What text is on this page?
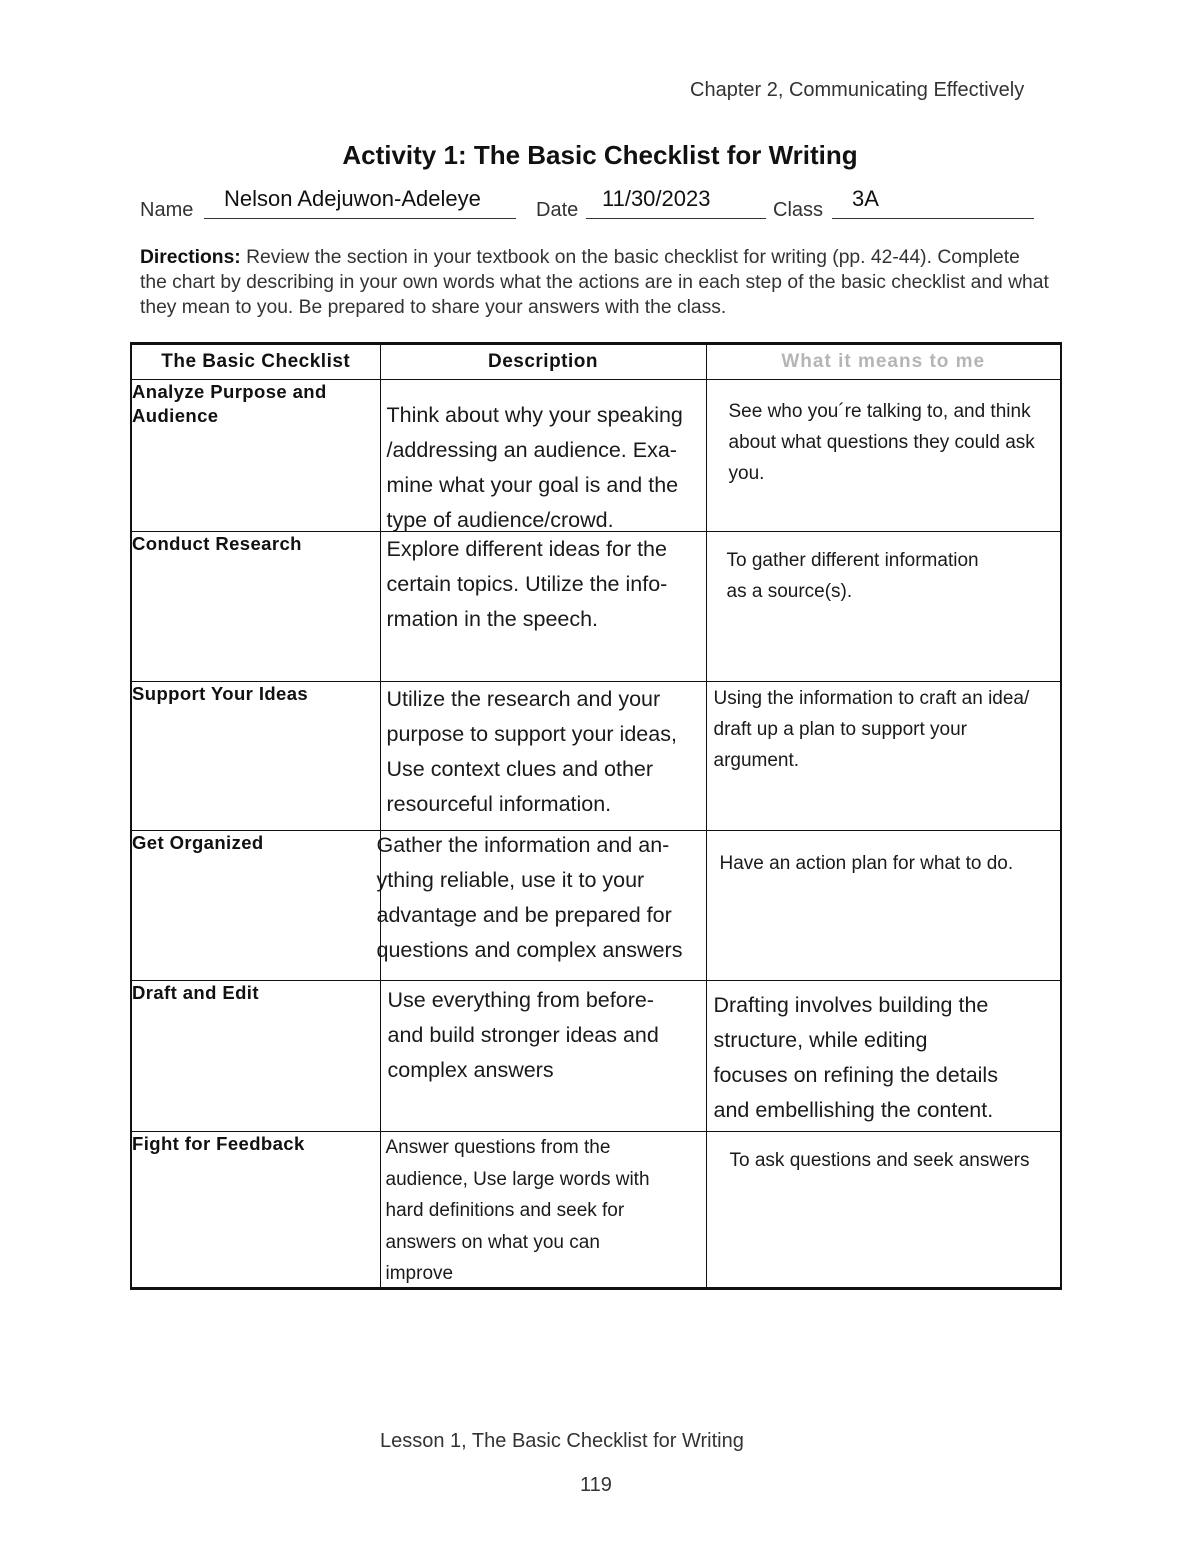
Chapter 2, Communicating Effectively
Activity 1: The Basic Checklist for Writing
Name Nelson Adejuwon-Adeleye	Date 11/30/2023	Class 3A
Directions: Review the section in your textbook on the basic checklist for writing (pp. 42-44). Complete the chart by describing in your own words what the actions are in each step of the basic checklist and what they mean to you. Be prepared to share your answers with the class.
The Basic Checklist	Description	What it means to me
Analyze Purpose and Audience	Think about why your speaking
/addressing an audience. Exa-
mine what your goal is and the
type of audience/crowd.	See who you´re talking to, and think
about what questions they could ask
you.

Conduct Research	Explore different ideas for the
certain topics. Utilize the info-
rmation in the speech.	To gather different information
as a source(s).

Support Your Ideas	Utilize the research and your
purpose to support your ideas,
Use context clues and other
resourceful information.	Using the information to craft an idea/
draft up a plan to support your
argument.

Get Organized	Gather the information and an-
ything reliable, use it to your
advantage and be prepared for
questions and complex answers	Have an action plan for what to do.

Draft and Edit	Use everything from before-
and build stronger ideas and
complex answers	Drafting involves building the
structure, while editing
focuses on refining the details
and embellishing the content.

Fight for Feedback	Answer questions from the
audience, Use large words with
hard definitions and seek for
answers on what you can
improve	To ask questions and seek answers
Lesson 1, The Basic Checklist for Writing
119
